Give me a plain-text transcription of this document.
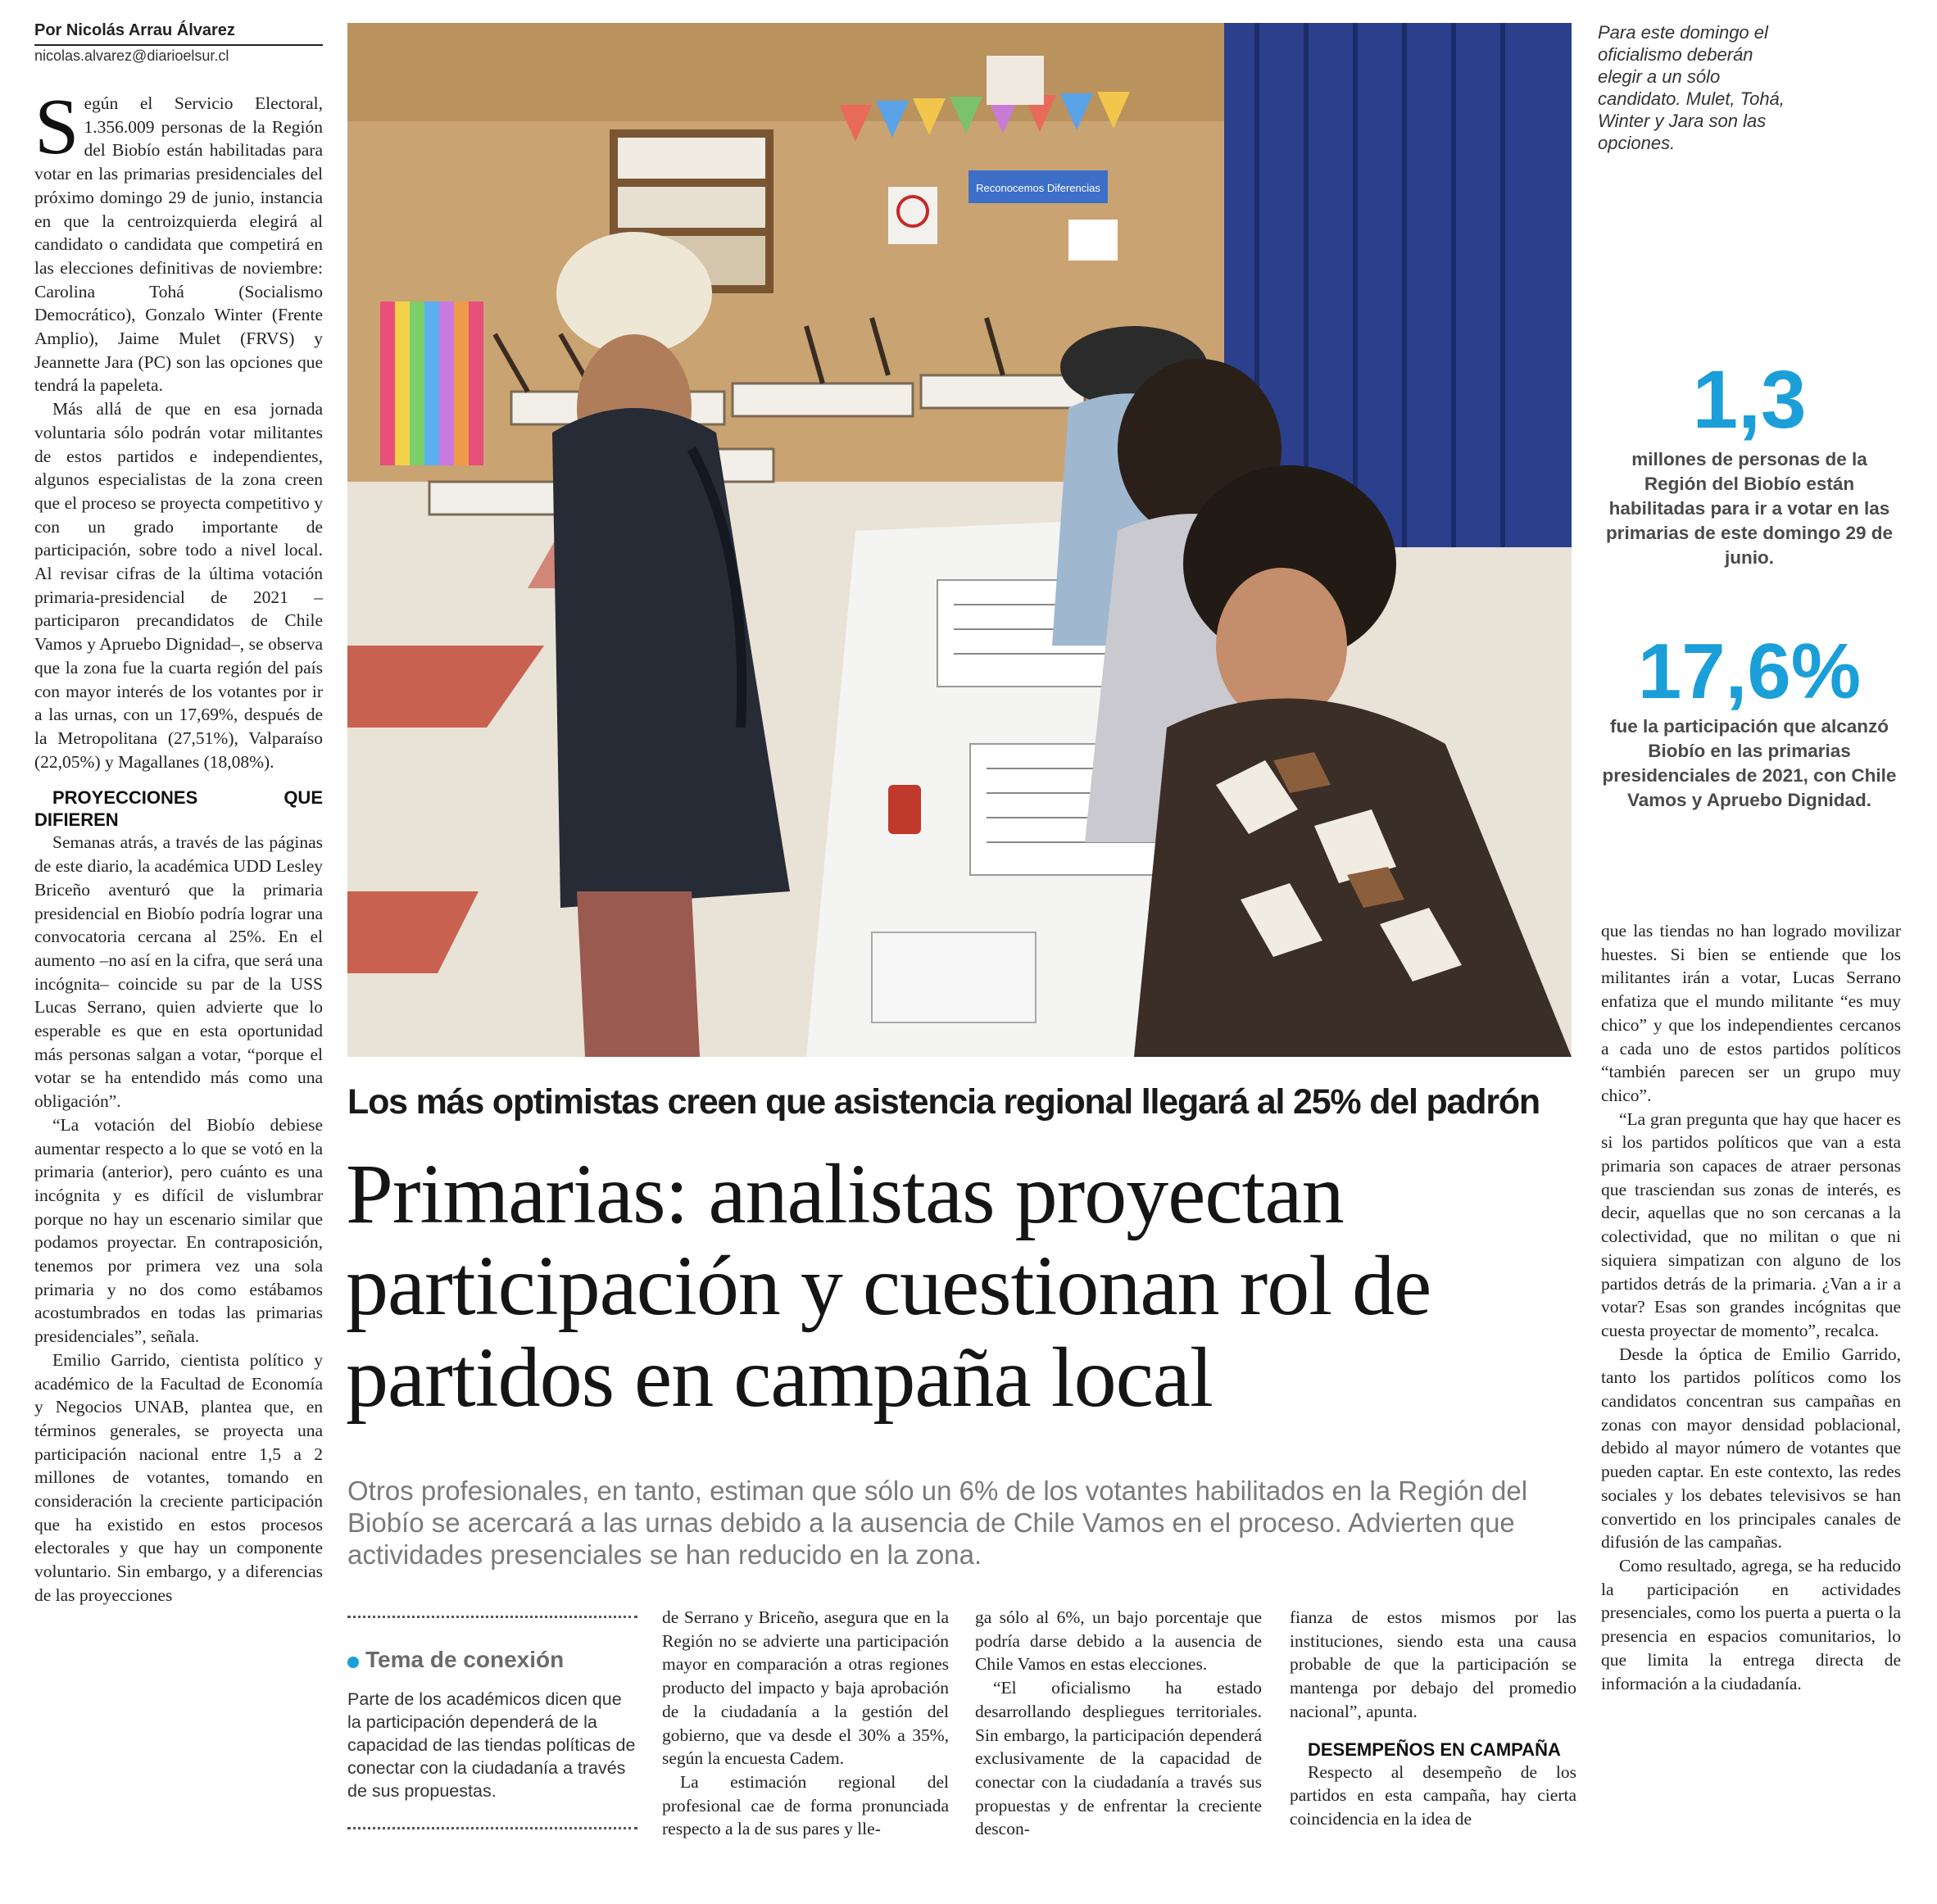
Por Nicolás Arrau Álvarez
nicolas.alvarez@diarioelsur.cl

Según el Servicio Electoral, 1.356.009 personas de la Región del Biobío están habilitadas para votar en las primarias presidenciales del próximo domingo 29 de junio, instancia en que la centroizquierda elegirá al candidato o candidata que competirá en las elecciones definitivas de noviembre: Carolina Tohá (Socialismo Democrático), Gonzalo Winter (Frente Amplio), Jaime Mulet (FRVS) y Jeannette Jara (PC) son las opciones que tendrá la papeleta.

Más allá de que en esa jornada voluntaria sólo podrán votar militantes de estos partidos e independientes, algunos especialistas de la zona creen que el proceso se proyecta competitivo y con un grado importante de participación, sobre todo a nivel local. Al revisar cifras de la última votación primaria-presidencial de 2021 –participaron precandidatos de Chile Vamos y Apruebo Dignidad–, se observa que la zona fue la cuarta región del país con mayor interés de los votantes por ir a las urnas, con un 17,69%, después de la Metropolitana (27,51%), Valparaíso (22,05%) y Magallanes (18,08%).

PROYECCIONES QUE DIFIEREN

Semanas atrás, a través de las páginas de este diario, la académica UDD Lesley Briceño aventuró que la primaria presidencial en Biobío podría lograr una convocatoria cercana al 25%. En el aumento –no así en la cifra, que será una incógnita– coincide su par de la USS Lucas Serrano, quien advierte que lo esperable es que en esta oportunidad más personas salgan a votar, “porque el votar se ha entendido más como una obligación”.

“La votación del Biobío debiese aumentar respecto a lo que se votó en la primaria (anterior), pero cuánto es una incógnita y es difícil de vislumbrar porque no hay un escenario similar que podamos proyectar. En contraposición, tenemos por primera vez una sola primaria y no dos como estábamos acostumbrados en todas las primarias presidenciales”, señala.

Emilio Garrido, cientista político y académico de la Facultad de Economía y Negocios UNAB, plantea que, en términos generales, se proyecta una participación nacional entre 1,5 a 2 millones de votantes, tomando en consideración la creciente participación que ha existido en estos procesos electorales y que hay un componente voluntario. Sin embargo, y a diferencias de las proyecciones

Reconocemos Diferencias
Para este domingo el oficialismo deberán elegir a un sólo candidato. Mulet, Tohá, Winter y Jara son las opciones.
1,3
millones de personas de la Región del Biobío están habilitadas para ir a votar en las primarias de este domingo 29 de junio.
17,6%
fue la participación que alcanzó Biobío en las primarias presidenciales de 2021, con Chile Vamos y Apruebo Dignidad.
Los más optimistas creen que asistencia regional llegará al 25% del padrón
Primarias: analistas proyectan participación y cuestionan rol de partidos en campaña local
Otros profesionales, en tanto, estiman que sólo un 6% de los votantes habilitados en la Región del Biobío se acercará a las urnas debido a la ausencia de Chile Vamos en el proceso. Advierten que actividades presenciales se han reducido en la zona.
Tema de conexión
Parte de los académicos dicen que la participación dependerá de la capacidad de las tiendas políticas de conectar con la ciudadanía a través de sus propuestas.

de Serrano y Briceño, asegura que en la Región no se advierte una participación mayor en comparación a otras regiones producto del impacto y baja aprobación de la ciudadanía a la gestión del gobierno, que va desde el 30% a 35%, según la encuesta Cadem.

La estimación regional del profesional cae de forma pronunciada respecto a la de sus pares y lle-

ga sólo al 6%, un bajo porcentaje que podría darse debido a la ausencia de Chile Vamos en estas elecciones.

“El oficialismo ha estado desarrollando despliegues territoriales. Sin embargo, la participación dependerá exclusivamente de la capacidad de conectar con la ciudadanía a través sus propuestas y de enfrentar la creciente descon-

fianza de estos mismos por las instituciones, siendo esta una causa probable de que la participación se mantenga por debajo del promedio nacional”, apunta.

DESEMPEÑOS EN CAMPAÑA

Respecto al desempeño de los partidos en esta campaña, hay cierta coincidencia en la idea de

que las tiendas no han logrado movilizar huestes. Si bien se entiende que los militantes irán a votar, Lucas Serrano enfatiza que el mundo militante “es muy chico” y que los independientes cercanos a cada uno de estos partidos políticos “también parecen ser un grupo muy chico”.

“La gran pregunta que hay que hacer es si los partidos políticos que van a esta primaria son capaces de atraer personas que trasciendan sus zonas de interés, es decir, aquellas que no son cercanas a la colectividad, que no militan o que ni siquiera simpatizan con alguno de los partidos detrás de la primaria. ¿Van a ir a votar? Esas son grandes incógnitas que cuesta proyectar de momento”, recalca.

Desde la óptica de Emilio Garrido, tanto los partidos políticos como los candidatos concentran sus campañas en zonas con mayor densidad poblacional, debido al mayor número de votantes que pueden captar. En este contexto, las redes sociales y los debates televisivos se han convertido en los principales canales de difusión de las campañas.

Como resultado, agrega, se ha reducido la participación en actividades presenciales, como los puerta a puerta o la presencia en espacios comunitarios, lo que limita la entrega directa de información a la ciudadanía.
